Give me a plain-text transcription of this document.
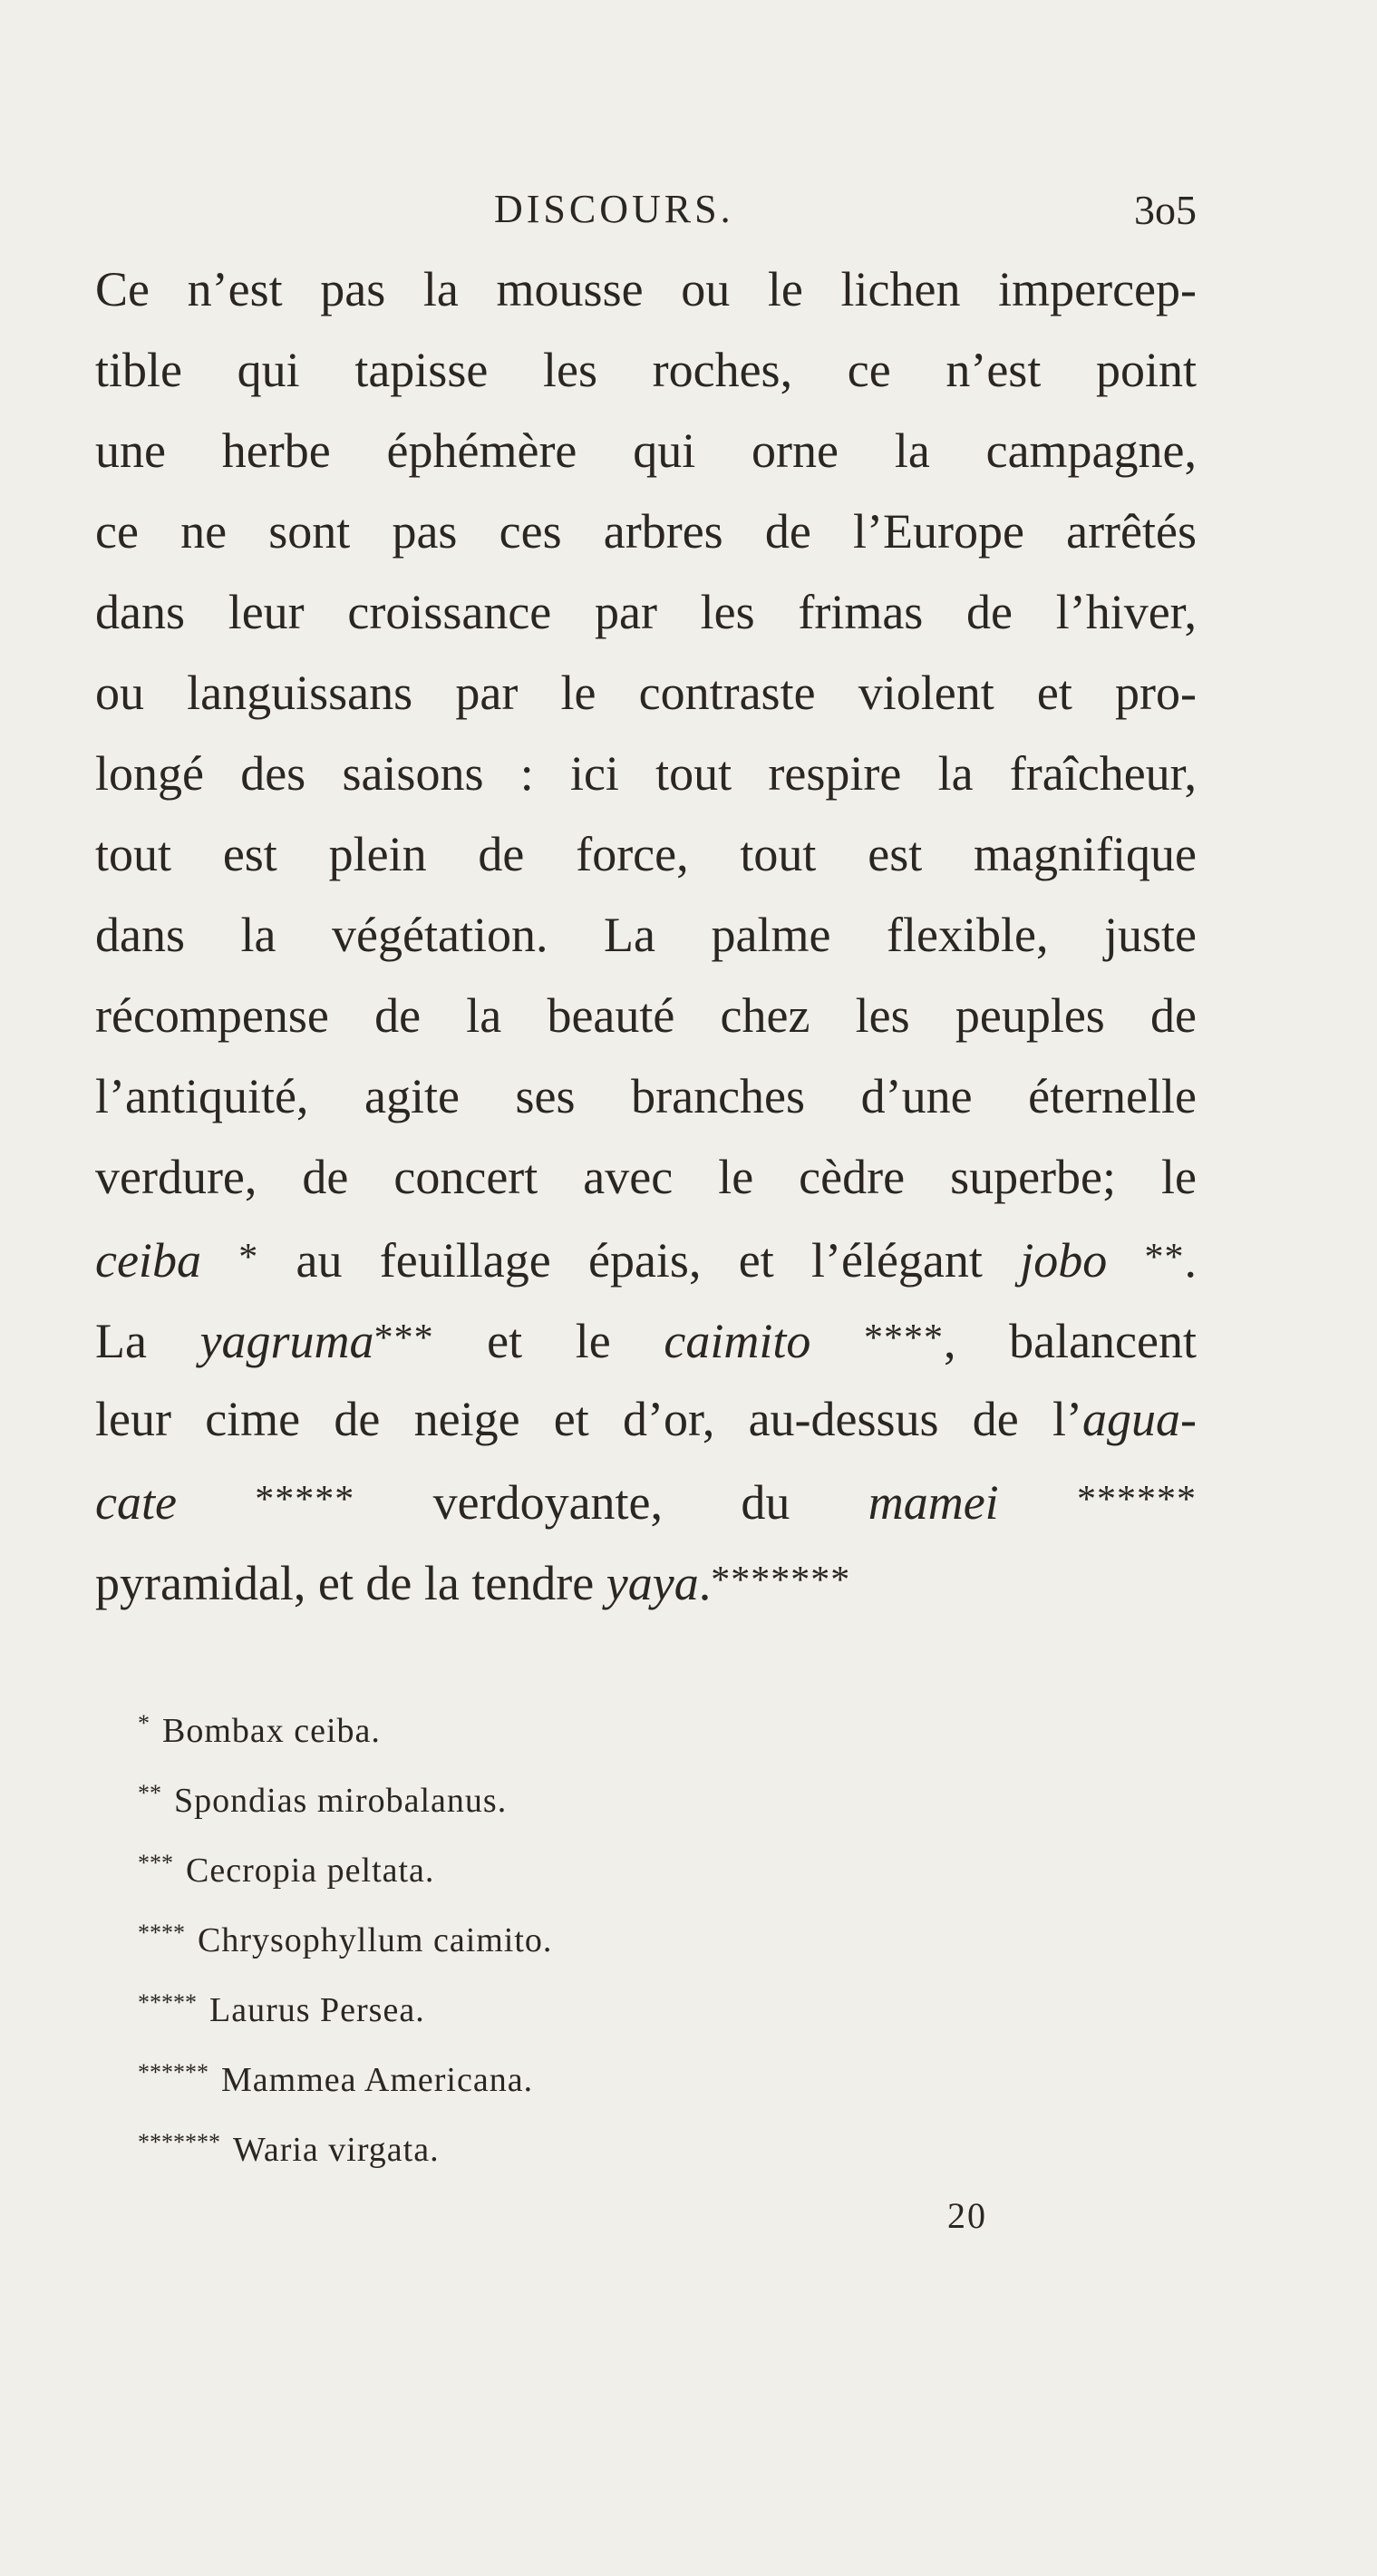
DISCOURS.	3o5
Ce n’est pas la mousse ou le lichen impercep-
tible qui tapisse les roches, ce n’est point
une herbe éphémère qui orne la campagne,
ce ne sont pas ces arbres de l’Europe arrêtés
dans leur croissance par les frimas de l’hiver,
ou languissans par le contraste violent et pro-
longé des saisons : ici tout respire la fraîcheur,
tout est plein de force, tout est magnifique
dans la végétation. La palme flexible, juste
récompense de la beauté chez les peuples de
l’antiquité, agite ses branches d’une éternelle
verdure, de concert avec le cèdre superbe; le
ceiba * au feuillage épais, et l’élégant jobo **.
La yagruma*** et le caimito ****, balancent
leur cime de neige et d’or, au-dessus de l’agua-
cate ***** verdoyante, du mamei ******
pyramidal, et de la tendre yaya.*******
* Bombax ceiba.
** Spondias mirobalanus.
*** Cecropia peltata.
**** Chrysophyllum caimito.
***** Laurus Persea.
****** Mammea Americana.
******* Waria virgata.
20
